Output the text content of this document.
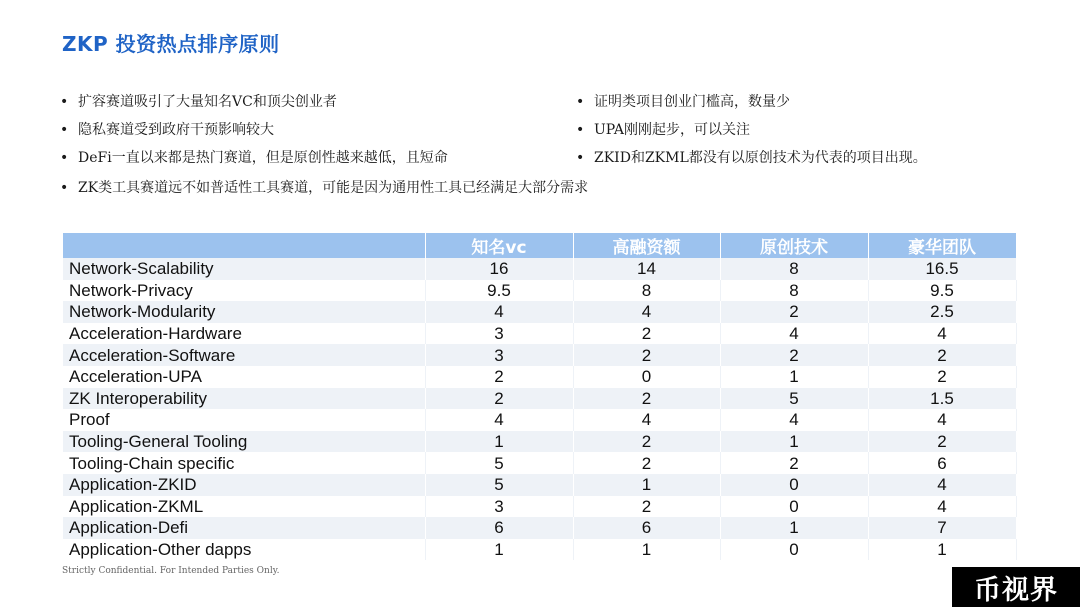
ZKP 投资热点排序原则
• 扩容赛道吸引了大量知名VC和顶尖创业者
• 隐私赛道受到政府干预影响较大
• DeFi一直以来都是热门赛道，但是原创性越来越低，且短命
• ZK类工具赛道远不如普适性工具赛道，可能是因为通用性工具已经满足大部分需求
• 证明类项目创业门槛高，数量少
• UPA刚刚起步，可以关注
• ZKID和ZKML都没有以原创技术为代表的项目出现。
	知名vc	高融资额	原创技术	豪华团队
Network-Scalability	16	14	8	16.5
Network-Privacy	9.5	8	8	9.5
Network-Modularity	4	4	2	2.5
Acceleration-Hardware	3	2	4	4
Acceleration-Software	3	2	2	2
Acceleration-UPA	2	0	1	2
ZK Interoperability	2	2	5	1.5
Proof	4	4	4	4
Tooling-General Tooling	1	2	1	2
Tooling-Chain specific	5	2	2	6
Application-ZKID	5	1	0	4
Application-ZKML	3	2	0	4
Application-Defi	6	6	1	7
Application-Other dapps	1	1	0	1
Strictly Confidential. For Intended Parties Only.
币视界
